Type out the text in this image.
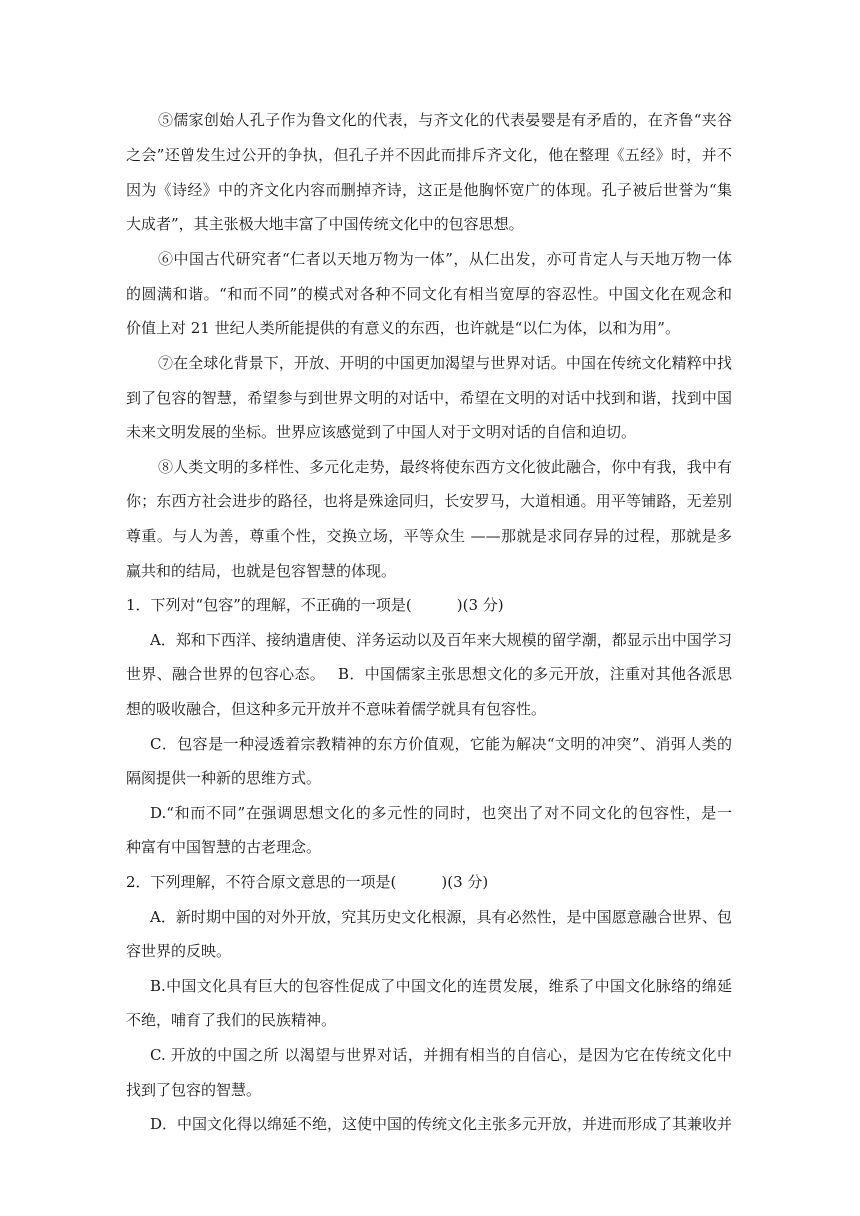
⑤儒家创始人孔子作为鲁文化的代表，与齐文化的代表晏婴是有矛盾的，在齐鲁“夹谷
之会”还曾发生过公开的争执，但孔子并不因此而排斥齐文化，他在整理《五经》时，并不
因为《诗经》中的齐文化内容而删掉齐诗，这正是他胸怀宽广的体现。孔子被后世誉为“集
大成者”，其主张极大地丰富了中国传统文化中的包容思想。
⑥中国古代研究者“仁者以天地万物为一体”，从仁出发，亦可肯定人与天地万物一体
的圆满和谐。“和而不同”的模式对各种不同文化有相当宽厚的容忍性。中国文化在观念和
价值上对 21 世纪人类所能提供的有意义的东西，也许就是“以仁为体，以和为用”。
⑦在全球化背景下，开放、开明的中国更加渴望与世界对话。中国在传统文化精粹中找
到了包容的智慧，希望参与到世界文明的对话中，希望在文明的对话中找到和谐，找到中国
未来文明发展的坐标。世界应该感觉到了中国人对于文明对话的自信和迫切。
⑧人类文明的多样性、多元化走势，最终将使东西方文化彼此融合，你中有我，我中有
你；东西方社会进步的路径，也将是殊途同归，长安罗马，大道相通。用平等铺路，无差别
尊重。与人为善，尊重个性，交换立场，平等众生 ——那就是求同存异的过程，那就是多
赢共和的结局，也就是包容智慧的体现。
1．下列对“包容”的理解，不正确的一项是(　　　)(3 分)
A．郑和下西洋、接纳遣唐使、洋务运动以及百年来大规模的留学潮，都显示出中国学习
世界、融合世界的包容心态。　 B．中国儒家主张思想文化的多元开放，注重对其他各派思
想的吸收融合，但这种多元开放并不意味着儒学就具有包容性。
C．包容是一种浸透着宗教精神的东方价值观，它能为解决“文明的冲突”、消弭人类的
隔阂提供一种新的思维方式。
D.“和而不同”在强调思想文化的多元性的同时，也突出了对不同文化的包容性，是一
种富有中国智慧的古老理念。
2．下列理解，不符合原文意思的一项是(　　　)(3 分)
A．新时期中国的对外开放，究其历史文化根源，具有必然性，是中国愿意融合世界、包
容世界的反映。
B.中国文化具有巨大的包容性促成了中国文化的连贯发展，维系了中国文化脉络的绵延
不绝，哺育了我们的民族精神。
C. 开放的中国之所 以渴望与世界对话，并拥有相当的自信心，是因为它在传统文化中
找到了包容的智慧。
D．中国文化得以绵延不绝，这使中国的传统文化主张多元开放，并进而形成了其兼收并
